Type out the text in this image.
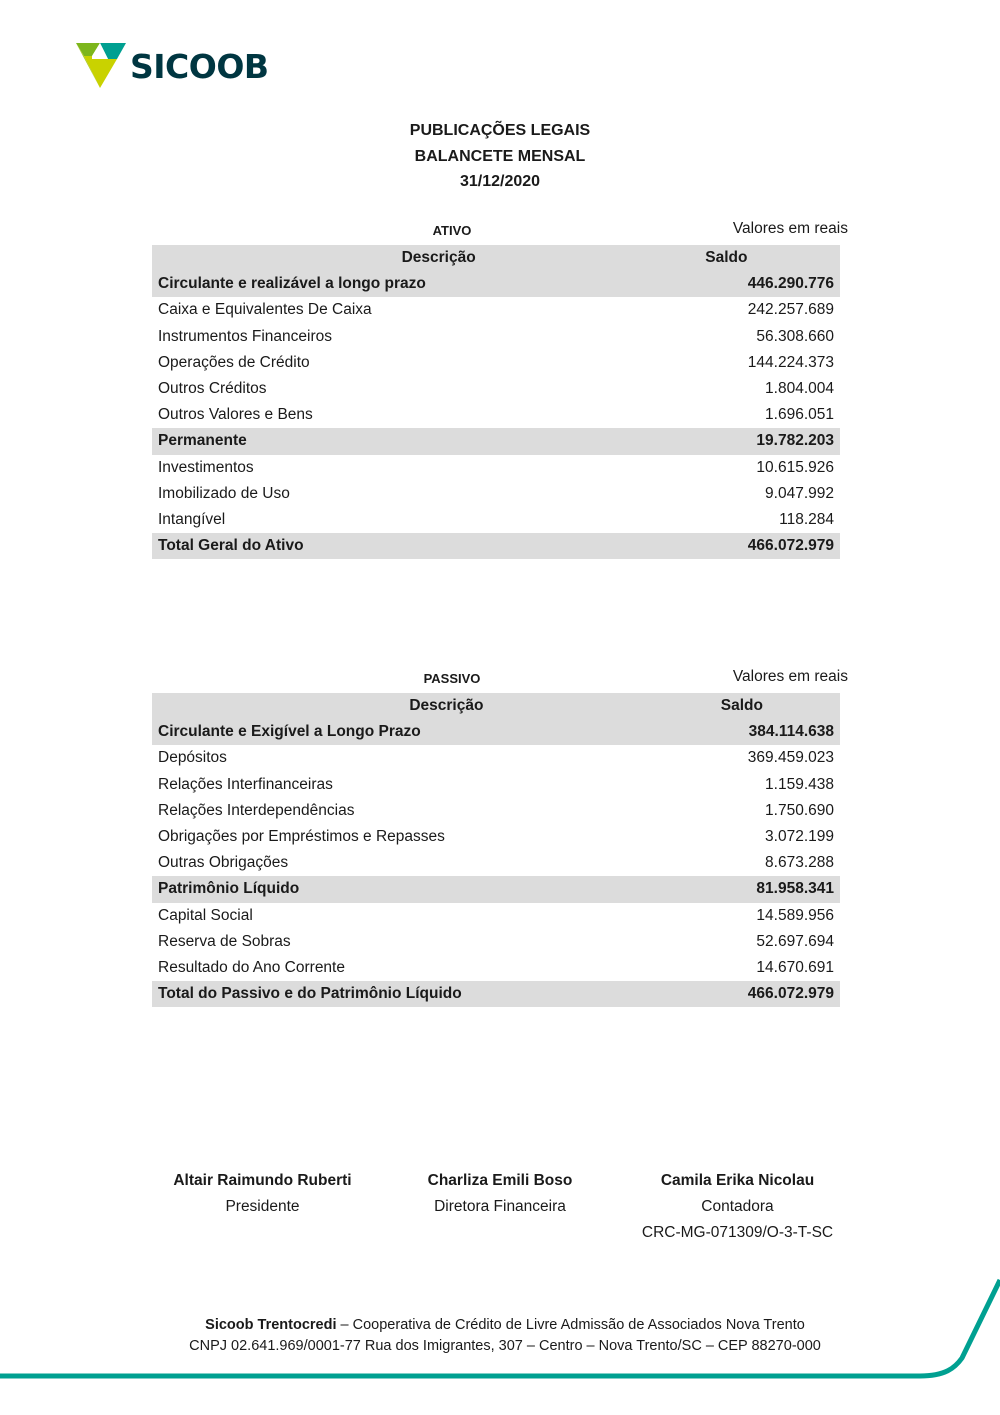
SICOOB
PUBLICAÇÕES LEGAIS
BALANCETE MENSAL
31/12/2020
ATIVO	Valores em reais
Descrição	Saldo
Circulante e realizável a longo prazo	446.290.776
Caixa e Equivalentes De Caixa	242.257.689
Instrumentos Financeiros	56.308.660
Operações de Crédito	144.224.373
Outros Créditos	1.804.004
Outros Valores e Bens	1.696.051
Permanente	19.782.203
Investimentos	10.615.926
Imobilizado de Uso	9.047.992
Intangível	118.284
Total Geral do Ativo	466.072.979
PASSIVO	Valores em reais
Descrição	Saldo
Circulante e Exigível a Longo Prazo	384.114.638
Depósitos	369.459.023
Relações Interfinanceiras	1.159.438
Relações Interdependências	1.750.690
Obrigações por Empréstimos e Repasses	3.072.199
Outras Obrigações	8.673.288
Patrimônio Líquido	81.958.341
Capital Social	14.589.956
Reserva de Sobras	52.697.694
Resultado do Ano Corrente	14.670.691
Total do Passivo e do Patrimônio Líquido	466.072.979
Altair Raimundo Ruberti
Presidente
Charliza Emili Boso
Diretora Financeira
Camila Erika Nicolau
Contadora
CRC-MG-071309/O-3-T-SC
Sicoob Trentocredi – Cooperativa de Crédito de Livre Admissão de Associados Nova Trento
CNPJ 02.641.969/0001-77 Rua dos Imigrantes, 307 – Centro – Nova Trento/SC – CEP 88270-000
